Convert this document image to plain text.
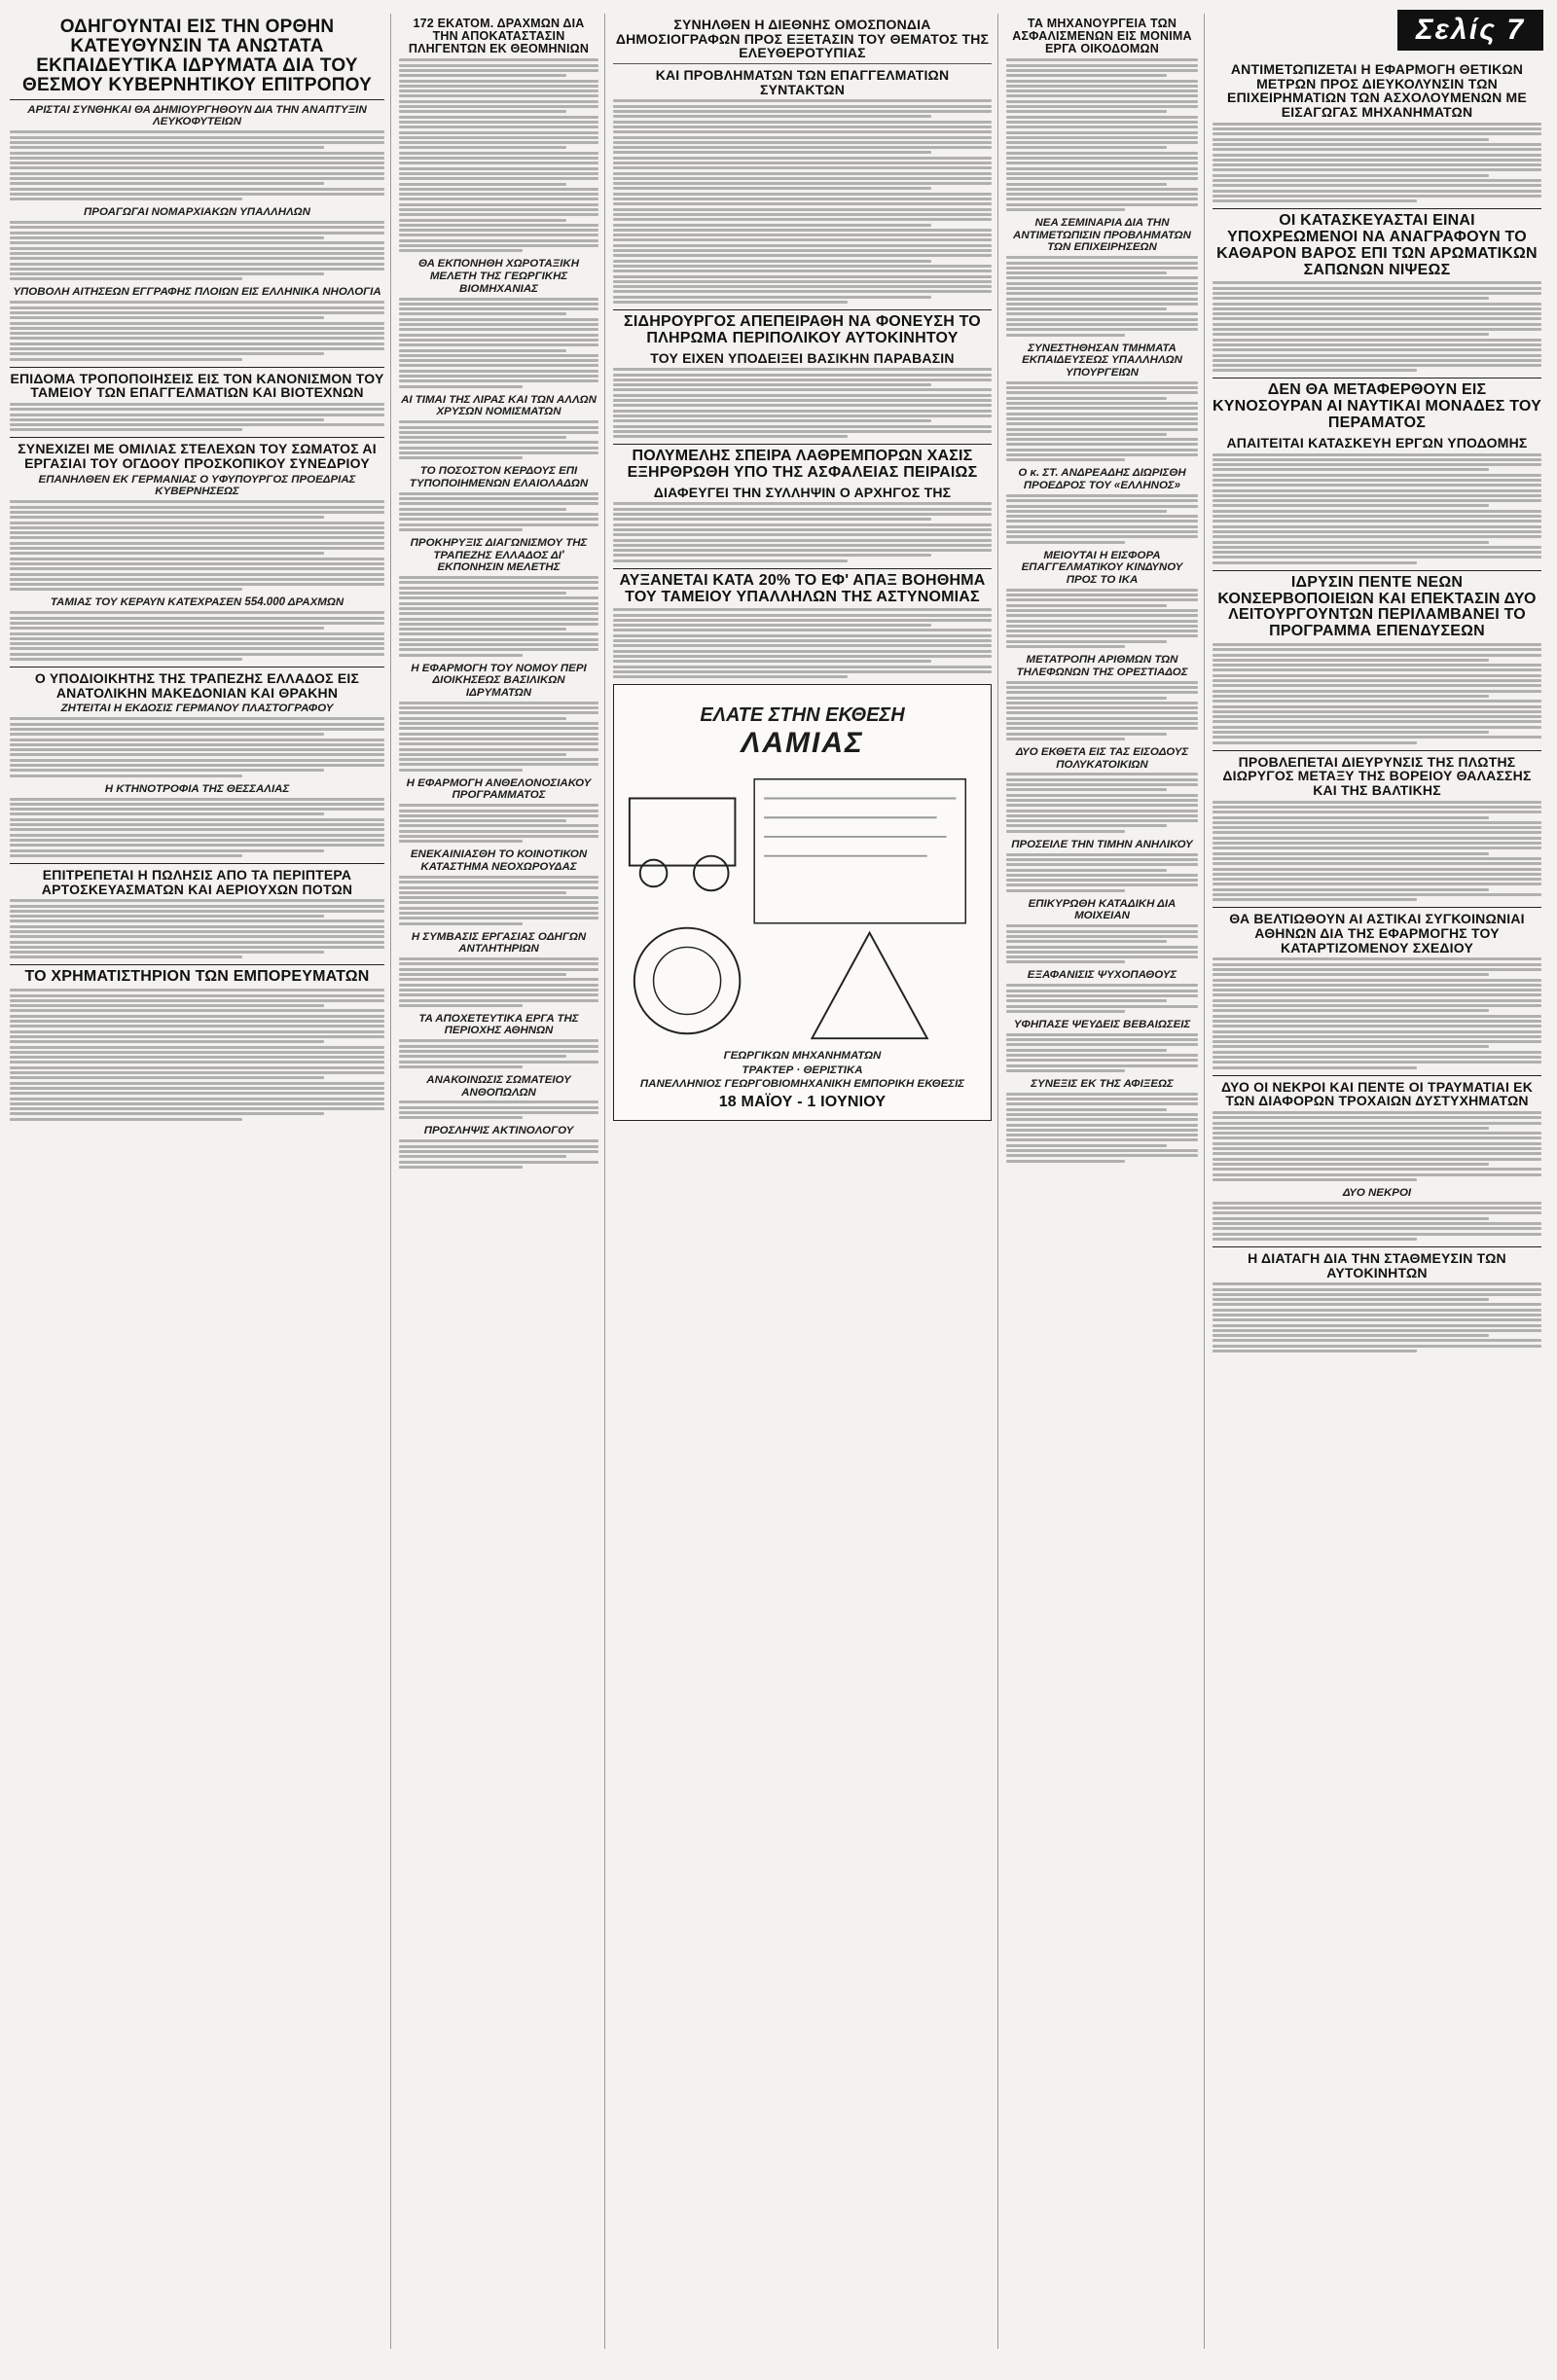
Σελίς 7
ΟΔΗΓΟΥΝΤΑΙ ΕΙΣ ΤΗΝ ΟΡΘΗΝ ΚΑΤΕΥΘΥΝΣΙΝ ΤΑ ΑΝΩΤΑΤΑ ΕΚΠΑΙΔΕΥΤΙΚΑ ΙΔΡΥΜΑΤΑ ΔΙΑ ΤΟΥ ΘΕΣΜΟΥ ΚΥΒΕΡΝΗΤΙΚΟΥ ΕΠΙΤΡΟΠΟΥ
ΑΡΙΣΤΑΙ ΣΥΝΘΗΚΑΙ ΘΑ ΔΗΜΙΟΥΡΓΗΘΟΥΝ ΔΙΑ ΤΗΝ ΑΝΑΠΤΥΞΙΝ ΛΕΥΚΟΦΥΤΕΙΩΝ
ΠΡΟΑΓΩΓΑΙ ΝΟΜΑΡΧΙΑΚΩΝ ΥΠΑΛΛΗΛΩΝ
ΥΠΟΒΟΛΗ ΑΙΤΗΣΕΩΝ ΕΓΓΡΑΦΗΣ ΠΛΟΙΩΝ ΕΙΣ ΕΛΛΗΝΙΚΑ ΝΗΟΛΟΓΙΑ
ΕΠΙΔΟΜΑ ΤΡΟΠΟΠΟΙΗΣΕΙΣ ΕΙΣ ΤΟΝ ΚΑΝΟΝΙΣΜΟΝ ΤΟΥ ΤΑΜΕΙΟΥ ΤΩΝ ΕΠΑΓΓΕΛΜΑΤΙΩΝ ΚΑΙ ΒΙΟΤΕΧΝΩΝ
ΣΥΝΕΧΙΖΕΙ ΜΕ ΟΜΙΛΙΑΣ ΣΤΕΛΕΧΩΝ ΤΟΥ ΣΩΜΑΤΟΣ ΑΙ ΕΡΓΑΣΙΑΙ ΤΟΥ ΟΓΔΟΟΥ ΠΡΟΣΚΟΠΙΚΟΥ ΣΥΝΕΔΡΙΟΥ
ΕΠΑΝΗΛΘΕΝ ΕΚ ΓΕΡΜΑΝΙΑΣ Ο ΥΦΥΠΟΥΡΓΟΣ ΠΡΟΕΔΡΙΑΣ ΚΥΒΕΡΝΗΣΕΩΣ
ΤΑΜΙΑΣ ΤΟΥ ΚΕΡΑΥΝ ΚΑΤΕΧΡΑΣΕΝ 554.000 ΔΡΑΧΜΩΝ
Ο ΥΠΟΔΙΟΙΚΗΤΗΣ ΤΗΣ ΤΡΑΠΕΖΗΣ ΕΛΛΑΔΟΣ ΕΙΣ ΑΝΑΤΟΛΙΚΗΝ ΜΑΚΕΔΟΝΙΑΝ ΚΑΙ ΘΡΑΚΗΝ
ΖΗΤΕΙΤΑΙ Η ΕΚΔΟΣΙΣ ΓΕΡΜΑΝΟΥ ΠΛΑΣΤΟΓΡΑΦΟΥ
Η ΚΤΗΝΟΤΡΟΦΙΑ ΤΗΣ ΘΕΣΣΑΛΙΑΣ
ΕΠΙΤΡΕΠΕΤΑΙ Η ΠΩΛΗΣΙΣ ΑΠΟ ΤΑ ΠΕΡΙΠΤΕΡΑ ΑΡΤΟΣΚΕΥΑΣΜΑΤΩΝ ΚΑΙ ΑΕΡΙΟΥΧΩΝ ΠΟΤΩΝ
ΤΟ ΧΡΗΜΑΤΙΣΤΗΡΙΟΝ ΤΩΝ ΕΜΠΟΡΕΥΜΑΤΩΝ
172 ΕΚΑΤΟΜ. ΔΡΑΧΜΩΝ ΔΙΑ ΤΗΝ ΑΠΟΚΑΤΑΣΤΑΣΙΝ ΠΛΗΓΕΝΤΩΝ ΕΚ ΘΕΟΜΗΝΙΩΝ
ΘΑ ΕΚΠΟΝΗΘΗ ΧΩΡΟΤΑΞΙΚΗ ΜΕΛΕΤΗ ΤΗΣ ΓΕΩΡΓΙΚΗΣ ΒΙΟΜΗΧΑΝΙΑΣ
ΑΙ ΤΙΜΑΙ ΤΗΣ ΛΙΡΑΣ ΚΑΙ ΤΩΝ ΑΛΛΩΝ ΧΡΥΣΩΝ ΝΟΜΙΣΜΑΤΩΝ
ΤΟ ΠΟΣΟΣΤΟΝ ΚΕΡΔΟΥΣ ΕΠΙ ΤΥΠΟΠΟΙΗΜΕΝΩΝ ΕΛΑΙΟΛΑΔΩΝ
ΠΡΟΚΗΡΥΞΙΣ ΔΙΑΓΩΝΙΣΜΟΥ ΤΗΣ ΤΡΑΠΕΖΗΣ ΕΛΛΑΔΟΣ ΔΙ' ΕΚΠΟΝΗΣΙΝ ΜΕΛΕΤΗΣ
Η ΕΦΑΡΜΟΓΗ ΤΟΥ ΝΟΜΟΥ ΠΕΡΙ ΔΙΟΙΚΗΣΕΩΣ ΒΑΣΙΛΙΚΩΝ ΙΔΡΥΜΑΤΩΝ
Η ΕΦΑΡΜΟΓΗ ΑΝΘΕΛΟΝΟΣΙΑΚΟΥ ΠΡΟΓΡΑΜΜΑΤΟΣ
ΕΝΕΚΑΙΝΙΑΣΘΗ ΤΟ ΚΟΙΝΟΤΙΚΟΝ ΚΑΤΑΣΤΗΜΑ ΝΕΟΧΩΡΟΥΔΑΣ
Η ΣΥΜΒΑΣΙΣ ΕΡΓΑΣΙΑΣ ΟΔΗΓΩΝ ΑΝΤΛΗΤΗΡΙΩΝ
ΤΑ ΑΠΟΧΕΤΕΥΤΙΚΑ ΕΡΓΑ ΤΗΣ ΠΕΡΙΟΧΗΣ ΑΘΗΝΩΝ
ΑΝΑΚΟΙΝΩΣΙΣ ΣΩΜΑΤΕΙΟΥ ΑΝΘΟΠΩΛΩΝ
ΠΡΟΣΛΗΨΙΣ ΑΚΤΙΝΟΛΟΓΟΥ
ΣΥΝΗΛΘΕΝ Η ΔΙΕΘΝΗΣ ΟΜΟΣΠΟΝΔΙΑ ΔΗΜΟΣΙΟΓΡΑΦΩΝ ΠΡΟΣ ΕΞΕΤΑΣΙΝ ΤΟΥ ΘΕΜΑΤΟΣ ΤΗΣ ΕΛΕΥΘΕΡΟΤΥΠΙΑΣ
ΚΑΙ ΠΡΟΒΛΗΜΑΤΩΝ ΤΩΝ ΕΠΑΓΓΕΛΜΑΤΙΩΝ ΣΥΝΤΑΚΤΩΝ
ΣΙΔΗΡΟΥΡΓΟΣ ΑΠΕΠΕΙΡΑΘΗ ΝΑ ΦΟΝΕΥΣΗ ΤΟ ΠΛΗΡΩΜΑ ΠΕΡΙΠΟΛΙΚΟΥ ΑΥΤΟΚΙΝΗΤΟΥ
ΤΟΥ ΕΙΧΕΝ ΥΠΟΔΕΙΞΕΙ ΒΑΣΙΚΗΝ ΠΑΡΑΒΑΣΙΝ
ΠΟΛΥΜΕΛΗΣ ΣΠΕΙΡΑ ΛΑΘΡΕΜΠΟΡΩΝ ΧΑΣΙΣ ΕΞΗΡΘΡΩΘΗ ΥΠΟ ΤΗΣ ΑΣΦΑΛΕΙΑΣ ΠΕΙΡΑΙΩΣ
ΔΙΑΦΕΥΓΕΙ ΤΗΝ ΣΥΛΛΗΨΙΝ Ο ΑΡΧΗΓΟΣ ΤΗΣ
ΑΥΞΑΝΕΤΑΙ ΚΑΤΑ 20% ΤΟ ΕΦ' ΑΠΑΞ ΒΟΗΘΗΜΑ ΤΟΥ ΤΑΜΕΙΟΥ ΥΠΑΛΛΗΛΩΝ ΤΗΣ ΑΣΤΥΝΟΜΙΑΣ
ΕΛΑΤΕ ΣΤΗΝ ΕΚΘΕΣΗ
ΛΑΜΙΑΣ
ΓΕΩΡΓΙΚΩΝ ΜΗΧΑΝΗΜΑΤΩΝ
ΤΡΑΚΤΕΡ · ΘΕΡΙΣΤΙΚΑ
ΠΑΝΕΛΛΗΝΙΟΣ ΓΕΩΡΓΟΒΙΟΜΗΧΑΝΙΚΗ ΕΜΠΟΡΙΚΗ ΕΚΘΕΣΙΣ
18 ΜΑΪΟΥ - 1 ΙΟΥΝΙΟΥ
ΤΑ ΜΗΧΑΝΟΥΡΓΕΙΑ ΤΩΝ ΑΣΦΑΛΙΣΜΕΝΩΝ ΕΙΣ ΜΟΝΙΜΑ ΕΡΓΑ ΟΙΚΟΔΟΜΩΝ
ΝΕΑ ΣΕΜΙΝΑΡΙΑ ΔΙΑ ΤΗΝ ΑΝΤΙΜΕΤΩΠΙΣΙΝ ΠΡΟΒΛΗΜΑΤΩΝ ΤΩΝ ΕΠΙΧΕΙΡΗΣΕΩΝ
ΣΥΝΕΣΤΗΘΗΣΑΝ ΤΜΗΜΑΤΑ ΕΚΠΑΙΔΕΥΣΕΩΣ ΥΠΑΛΛΗΛΩΝ ΥΠΟΥΡΓΕΙΩΝ
Ο κ. ΣΤ. ΑΝΔΡΕΑΔΗΣ ΔΙΩΡΙΣΘΗ ΠΡΟΕΔΡΟΣ ΤΟΥ «ΕΛΛΗΝΟΣ»
ΜΕΙΟΥΤΑΙ Η ΕΙΣΦΟΡΑ ΕΠΑΓΓΕΛΜΑΤΙΚΟΥ ΚΙΝΔΥΝΟΥ ΠΡΟΣ ΤΟ ΙΚΑ
ΜΕΤΑΤΡΟΠΗ ΑΡΙΘΜΩΝ ΤΩΝ ΤΗΛΕΦΩΝΩΝ ΤΗΣ ΟΡΕΣΤΙΑΔΟΣ
ΔΥΟ ΕΚΘΕΤΑ ΕΙΣ ΤΑΣ ΕΙΣΟΔΟΥΣ ΠΟΛΥΚΑΤΟΙΚΙΩΝ
ΠΡΟΣΕΙΛΕ ΤΗΝ ΤΙΜΗΝ ΑΝΗΛΙΚΟΥ
ΕΠΙΚΥΡΩΘΗ ΚΑΤΑΔΙΚΗ ΔΙΑ ΜΟΙΧΕΙΑΝ
ΕΞΑΦΑΝΙΣΙΣ ΨΥΧΟΠΑΘΟΥΣ
ΥΦΗΠΑΣΕ ΨΕΥΔΕΙΣ ΒΕΒΑΙΩΣΕΙΣ
ΣΥΝΕΞΙΣ ΕΚ ΤΗΣ ΑΦΙΞΕΩΣ
ΑΝΤΙΜΕΤΩΠΙΖΕΤΑΙ Η ΕΦΑΡΜΟΓΗ ΘΕΤΙΚΩΝ ΜΕΤΡΩΝ ΠΡΟΣ ΔΙΕΥΚΟΛΥΝΣΙΝ ΤΩΝ ΕΠΙΧΕΙΡΗΜΑΤΙΩΝ ΤΩΝ ΑΣΧΟΛΟΥΜΕΝΩΝ ΜΕ ΕΙΣΑΓΩΓΑΣ ΜΗΧΑΝΗΜΑΤΩΝ
ΟΙ ΚΑΤΑΣΚΕΥΑΣΤΑΙ ΕΙΝΑΙ ΥΠΟΧΡΕΩΜΕΝΟΙ ΝΑ ΑΝΑΓΡΑΦΟΥΝ ΤΟ ΚΑΘΑΡΟΝ ΒΑΡΟΣ ΕΠΙ ΤΩΝ ΑΡΩΜΑΤΙΚΩΝ ΣΑΠΩΝΩΝ ΝΙΨΕΩΣ
ΔΕΝ ΘΑ ΜΕΤΑΦΕΡΘΟΥΝ ΕΙΣ ΚΥΝΟΣΟΥΡΑΝ ΑΙ ΝΑΥΤΙΚΑΙ ΜΟΝΑΔΕΣ ΤΟΥ ΠΕΡΑΜΑΤΟΣ
ΑΠΑΙΤΕΙΤΑΙ ΚΑΤΑΣΚΕΥΗ ΕΡΓΩΝ ΥΠΟΔΟΜΗΣ
ΙΔΡΥΣΙΝ ΠΕΝΤΕ ΝΕΩΝ ΚΟΝΣΕΡΒΟΠΟΙΕΙΩΝ ΚΑΙ ΕΠΕΚΤΑΣΙΝ ΔΥΟ ΛΕΙΤΟΥΡΓΟΥΝΤΩΝ ΠΕΡΙΛΑΜΒΑΝΕΙ ΤΟ ΠΡΟΓΡΑΜΜΑ ΕΠΕΝΔΥΣΕΩΝ
ΠΡΟΒΛΕΠΕΤΑΙ ΔΙΕΥΡΥΝΣΙΣ ΤΗΣ ΠΛΩΤΗΣ ΔΙΩΡΥΓΟΣ ΜΕΤΑΞΥ ΤΗΣ ΒΟΡΕΙΟΥ ΘΑΛΑΣΣΗΣ ΚΑΙ ΤΗΣ ΒΑΛΤΙΚΗΣ
ΘΑ ΒΕΛΤΙΩΘΟΥΝ ΑΙ ΑΣΤΙΚΑΙ ΣΥΓΚΟΙΝΩΝΙΑΙ ΑΘΗΝΩΝ ΔΙΑ ΤΗΣ ΕΦΑΡΜΟΓΗΣ ΤΟΥ ΚΑΤΑΡΤΙΖΟΜΕΝΟΥ ΣΧΕΔΙΟΥ
ΔΥΟ ΟΙ ΝΕΚΡΟΙ ΚΑΙ ΠΕΝΤΕ ΟΙ ΤΡΑΥΜΑΤΙΑΙ ΕΚ ΤΩΝ ΔΙΑΦΟΡΩΝ ΤΡΟΧΑΙΩΝ ΔΥΣΤΥΧΗΜΑΤΩΝ
ΔΥΟ ΝΕΚΡΟΙ
Η ΔΙΑΤΑΓΗ ΔΙΑ ΤΗΝ ΣΤΑΘΜΕΥΣΙΝ ΤΩΝ ΑΥΤΟΚΙΝΗΤΩΝ
